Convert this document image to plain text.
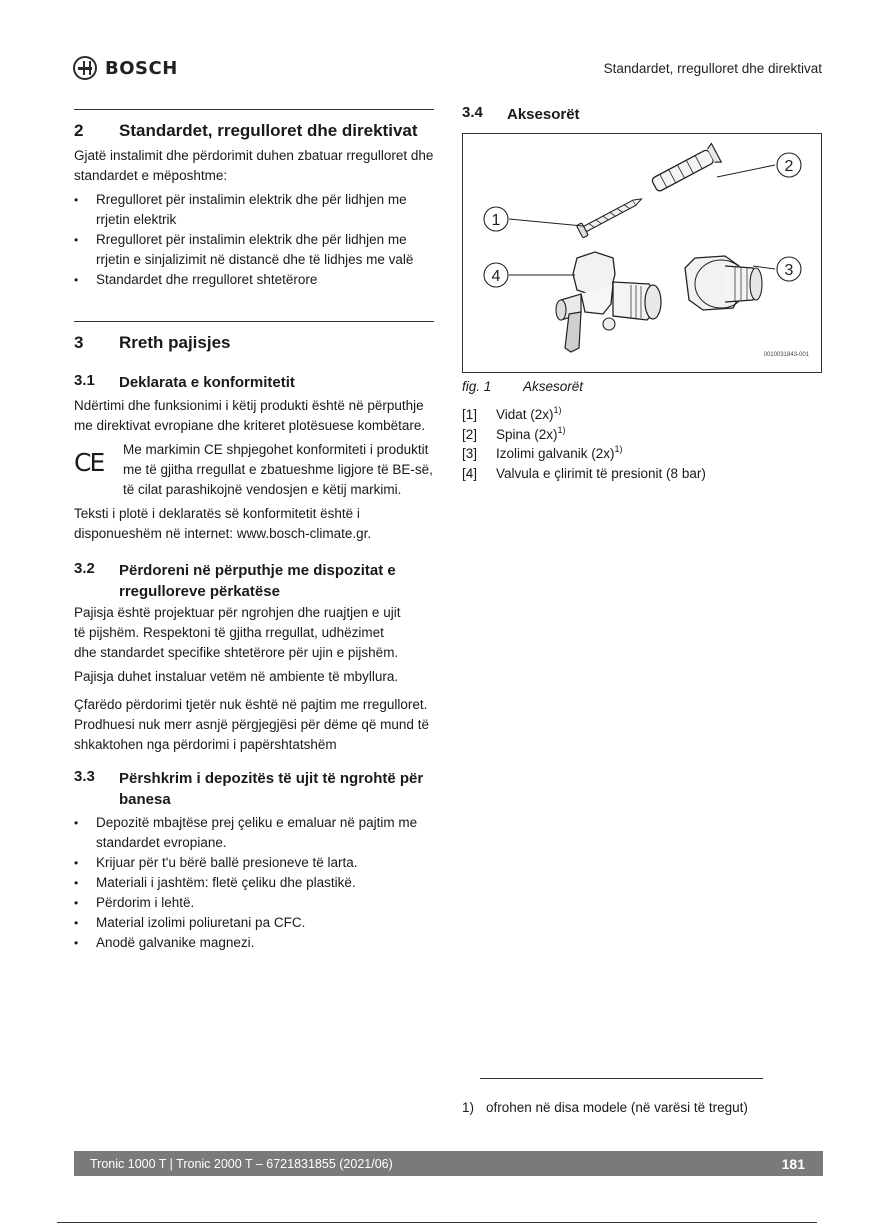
BOSCH	Standardet, rregulloret dhe direktivat
2	Standardet, rregulloret dhe direktivat
Gjatë instalimit dhe përdorimit duhen zbatuar rregulloret dhe standardet e mëposhtme:
• Rregulloret për instalimin elektrik dhe për lidhjen me rrjetin elektrik
• Rregulloret për instalimin elektrik dhe për lidhjen me rrjetin e sinjalizimit në distancë dhe të lidhjes me valë
• Standardet dhe rregulloret shtetërore
3	Rreth pajisjes
3.1	Deklarata e konformitetit
Ndërtimi dhe funksionimi i këtij produkti është në përputhje me direktivat evropiane dhe kriteret plotësuese kombëtare.
CE Me markimin CE shpjegohet konformiteti i produktit me të gjitha rregullat e zbatueshme ligjore të BE-së, të cilat parashikojnë vendosjen e këtij markimi.
Teksti i plotë i deklaratës së konformitetit është i disponueshëm në internet: www.bosch-climate.gr.
3.2	Përdoreni në përputhje me dispozitat e rregulloreve përkatëse
Pajisja është projektuar për ngrohjen dhe ruajtjen e ujit të pijshëm. Respektoni të gjitha rregullat, udhëzimet dhe standardet specifike shtetërore për ujin e pijshëm.
Pajisja duhet instaluar vetëm në ambiente të mbyllura.
Çfarëdo përdorimi tjetër nuk është në pajtim me rregulloret. Prodhuesi nuk merr asnjë përgjegjësi për dëme që mund të shkaktohen nga përdorimi i papërshtatshëm
3.3	Përshkrim i depozitës të ujit të ngrohtë për banesa
• Depozitë mbajtëse prej çeliku e emaluar në pajtim me standardet evropiane.
• Krijuar për t'u bërë ballë presioneve të larta.
• Materiali i jashtëm: fletë çeliku dhe plastikë.
• Përdorim i lehtë.
• Material izolimi poliuretani pa CFC.
• Anodë galvanike magnezi.
3.4	Aksesorët
1
2
3
4
0010031843-001
fig. 1	Aksesorët
[1]	Vidat $(2x)^{1)}$
[2]	Spina $(2x)^{1)}$
[3]	Izolimi galvanik $(2x)^{1)}$
[4]	Valvula e çlirimit të presionit (8 bar)
1) ofrohen në disa modele (në varësi të tregut)
Tronic 1000 T | Tronic 2000 T – 6721831855 (2021/06)	181
